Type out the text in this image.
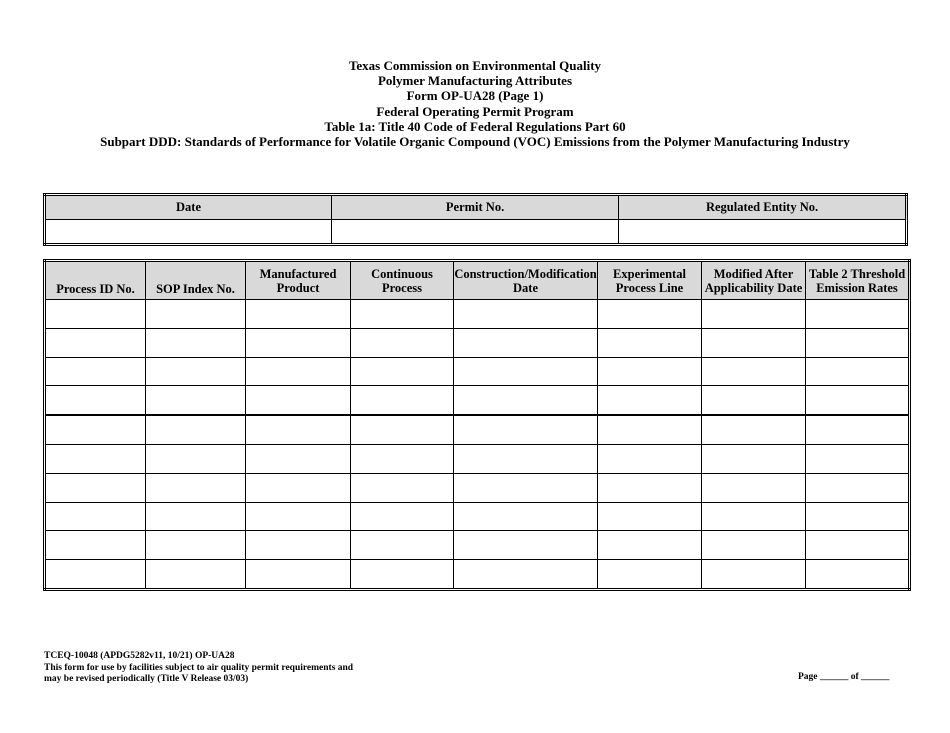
Texas Commission on Environmental Quality
Polymer Manufacturing Attributes
Form OP-UA28 (Page 1)
Federal Operating Permit Program
Table 1a: Title 40 Code of Federal Regulations Part 60
Subpart DDD: Standards of Performance for Volatile Organic Compound (VOC) Emissions from the Polymer Manufacturing Industry
Date	Permit No.	Regulated Entity No.

Process ID No.	SOP Index No.	Manufactured Product	Continuous Process	Construction/Modification Date	Experimental Process Line	Modified After Applicability Date	Table 2 Threshold Emission Rates

TCEQ-10048 (APDG5282v11, 10/21) OP-UA28
This form for use by facilities subject to air quality permit requirements and
may be revised periodically (Title V Release 03/03)	Page ______ of ______
